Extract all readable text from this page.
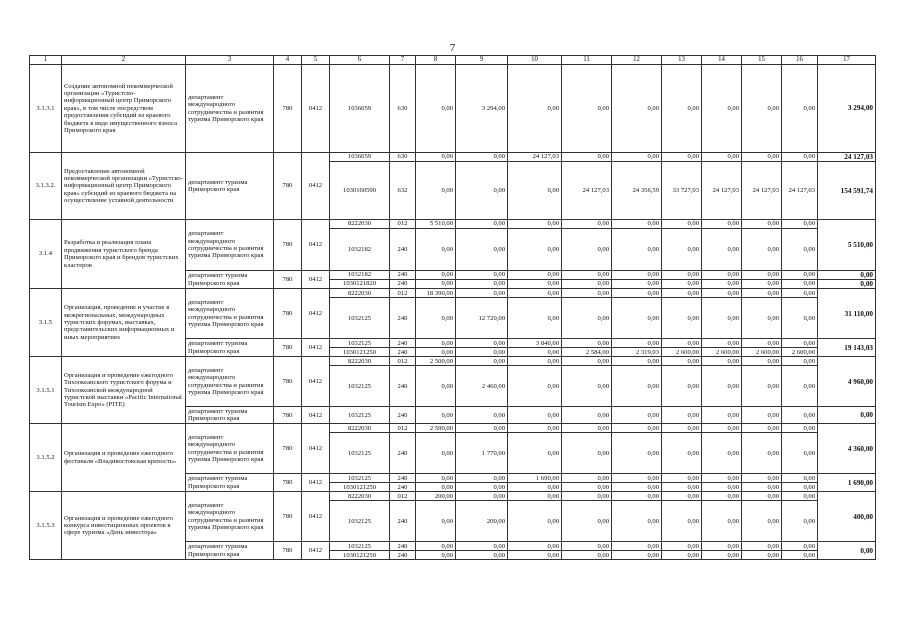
7
1	2	3	4	5	6	7	8	9	10	11	12	13	14	15	16	17
3.1.3.1	Создание автономной некоммерческой организации «Туристско-информационный центр Приморского края», в том числе посредством предоставления субсидий из краевого бюджета в виде имущественного взноса Приморского края	департамент международного сотрудничества и развития туризма Приморского края	780	0412	1036059	630	0,00	3 294,00	0,00	0,00	0,00	0,00	0,00	0,00	0,00	3 294,00
3.1.3.2.	Предоставление автономной некоммерческой организации «Туристско-информационный центр Приморского края» субсидий из краевого бюджета на осуществление уставной деятельности	департамент туризма Приморского края	780	0412	1036059	630	0,00	0,00	24 127,03	0,00	0,00	0,00	0,00	0,00	0,00	24 127,03
					1030160590	632	0,00	0,00	0,00	24 127,03	24 356,59	33 727,03	24 127,03	24 127,03	24 127,03	154 591,74
3.1.4	Разработка и реализация плана продвижения туристского бренда Приморского края и брендов туристских кластеров	департамент международного сотрудничества и развития туризма Приморского края	780	0412	8222030	012	5 510,00	0,00	0,00	0,00	0,00	0,00	0,00	0,00	0,00	5 510,00
					1032182	240	0,00	0,00	0,00	0,00	0,00	0,00	0,00	0,00	0,00	
		департамент туризма Приморского края	780	0412	1032182	240	0,00	0,00	0,00	0,00	0,00	0,00	0,00	0,00	0,00	0,00
					1030121820	240	0,00	0,00	0,00	0,00	0,00	0,00	0,00	0,00	0,00	0,00
3.1.5	Организация, проведение и участие в межрегиональных, международных туристских форумах, выставках, представительских информационных и иных мероприятиях	департамент международного сотрудничества и развития туризма Приморского края	780	0412	8222030	012	18 390,00	0,00	0,00	0,00	0,00	0,00	0,00	0,00	0,00	31 110,00
					1032125	240	0,00	12 720,00	0,00	0,00	0,00	0,00	0,00	0,00	0,00	
		департамент туризма Приморского края	780	0412	1032125	240	0,00	0,00	3 840,00	0,00	0,00	0,00	0,00	0,00	0,00	19 143,03
					1030121250	240	0,00	0,00	0,00	2 584,00	2 319,03	2 600,00	2 600,00	2 600,00	2 600,00	
3.1.5.1	Организация и проведение ежегодного Тихоокеанского туристского форума и Тихоокеанской международной туристской выставки «Pacific International Tourism Expo» (PITE)	департамент международного сотрудничества и развития туризма Приморского края	780	0412	8222030	012	2 500,00	0,00	0,00	0,00	0,00	0,00	0,00	0,00	0,00	4 960,00
					1032125	240	0,00	2 460,00	0,00	0,00	0,00	0,00	0,00	0,00	0,00	
		департамент туризма Приморского края	780	0412	1032125	240	0,00	0,00	0,00	0,00	0,00	0,00	0,00	0,00	0,00	0,00
3.1.5.2	Организация и проведение ежегодного фестиваля «Владивостокская крепость»	департамент международного сотрудничества и развития туризма Приморского края	780	0412	8222030	012	2 590,00	0,00	0,00	0,00	0,00	0,00	0,00	0,00	0,00	4 360,00
					1032125	240	0,00	1 770,00	0,00	0,00	0,00	0,00	0,00	0,00	0,00	
		департамент туризма Приморского края	780	0412	1032125	240	0,00	0,00	1 690,00	0,00	0,00	0,00	0,00	0,00	0,00	1 690,00
					1030121250	240	0,00	0,00	0,00	0,00	0,00	0,00	0,00	0,00	0,00	
3.1.5.3	Организация и проведение ежегодного конкурса инвестиционных проектов в сфере туризма «День инвестора»	департамент международного сотрудничества и развития туризма Приморского края	780	0412	8222030	012	200,00	0,00	0,00	0,00	0,00	0,00	0,00	0,00	0,00	400,00
					1032125	240	0,00	200,00	0,00	0,00	0,00	0,00	0,00	0,00	0,00	
		департамент туризма Приморского края	780	0412	1032125	240	0,00	0,00	0,00	0,00	0,00	0,00	0,00	0,00	0,00	0,00
					1030121250	240	0,00	0,00	0,00	0,00	0,00	0,00	0,00	0,00	0,00	
